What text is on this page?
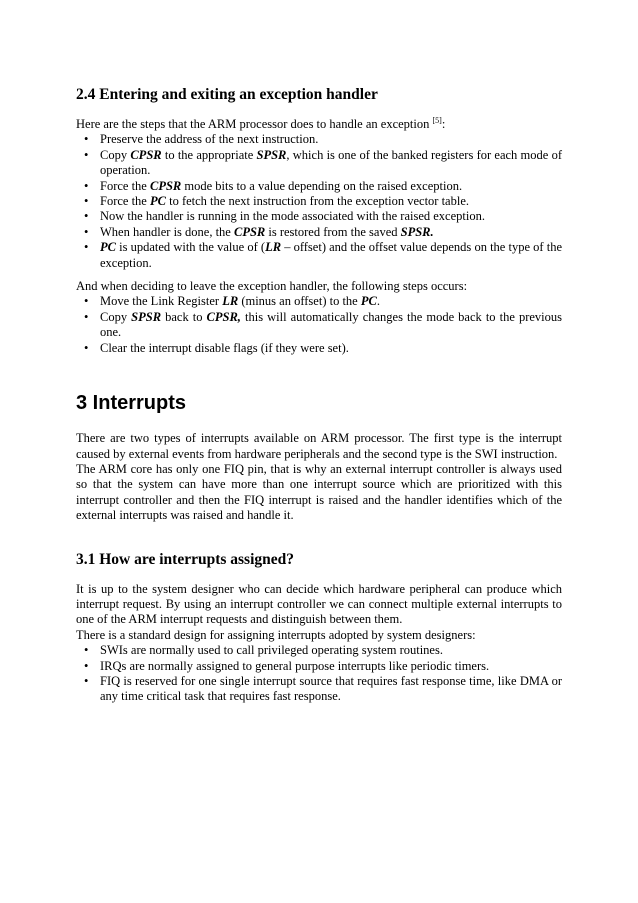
2.4 Entering and exiting an exception handler

Here are the steps that the ARM processor does to handle an exception [5]:

• Preserve the address of the next instruction.
• Copy CPSR to the appropriate SPSR, which is one of the banked registers for each mode of operation.
• Force the CPSR mode bits to a value depending on the raised exception.
• Force the PC to fetch the next instruction from the exception vector table.
• Now the handler is running in the mode associated with the raised exception.
• When handler is done, the CPSR is restored from the saved SPSR.
• PC is updated with the value of (LR – offset) and the offset value depends on the type of the exception.

And when deciding to leave the exception handler, the following steps occurs:

• Move the Link Register LR (minus an offset) to the PC.
• Copy SPSR back to CPSR, this will automatically changes the mode back to the previous one.
• Clear the interrupt disable flags (if they were set).
3 Interrupts

There are two types of interrupts available on ARM processor. The first type is the interrupt caused by external events from hardware peripherals and the second type is the SWI instruction.

The ARM core has only one FIQ pin, that is why an external interrupt controller is always used so that the system can have more than one interrupt source which are prioritized with this interrupt controller and then the FIQ interrupt is raised and the handler identifies which of the external interrupts was raised and handle it.

3.1 How are interrupts assigned?

It is up to the system designer who can decide which hardware peripheral can produce which interrupt request. By using an interrupt controller we can connect multiple external interrupts to one of the ARM interrupt requests and distinguish between them.

There is a standard design for assigning interrupts adopted by system designers:

• SWIs are normally used to call privileged operating system routines.
• IRQs are normally assigned to general purpose interrupts like periodic timers.
• FIQ is reserved for one single interrupt source that requires fast response time, like DMA or any time critical task that requires fast response.
